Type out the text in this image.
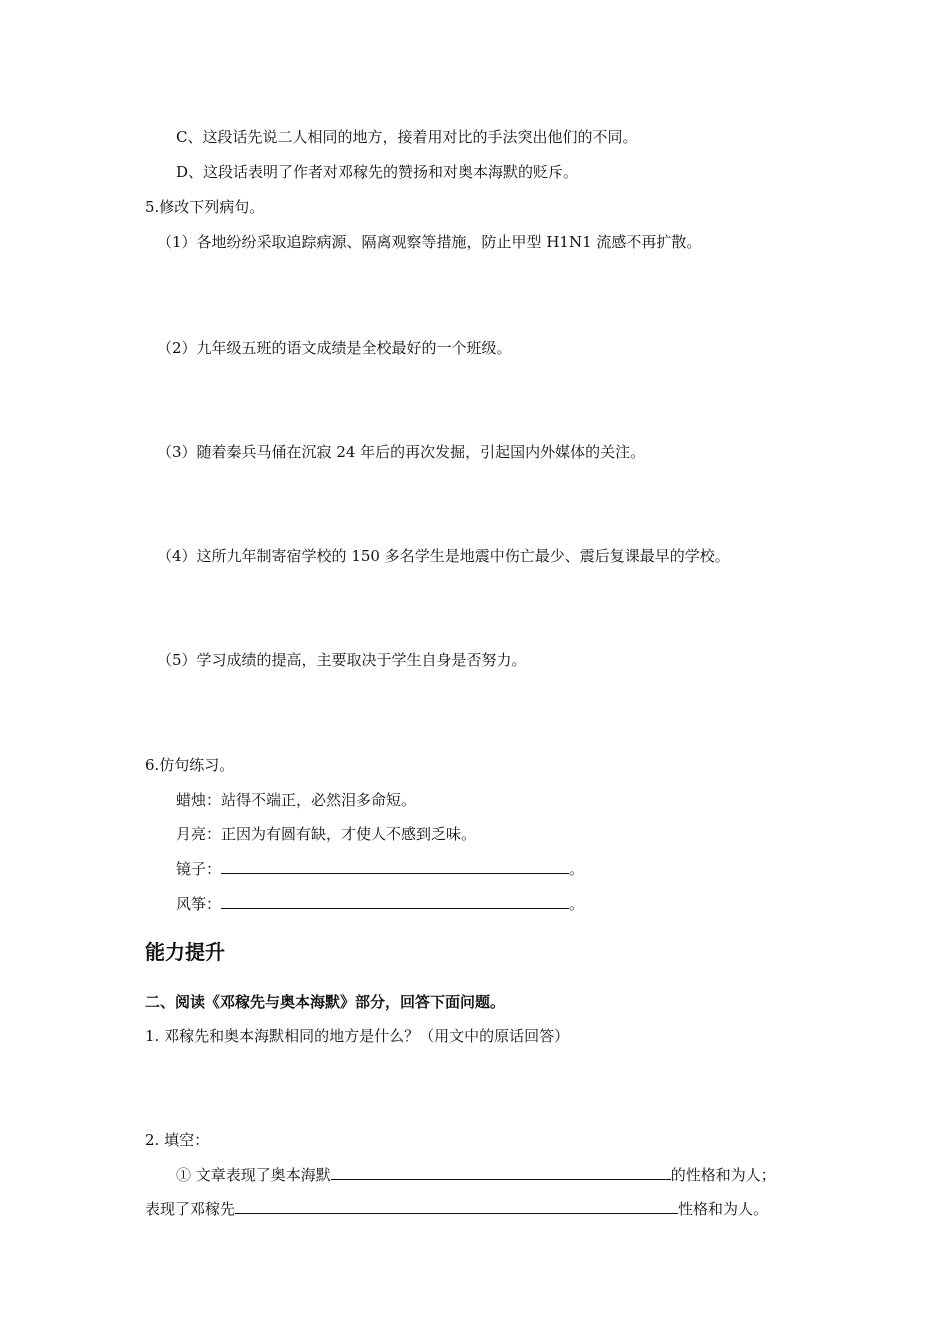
C、这段话先说二人相同的地方，接着用对比的手法突出他们的不同。
D、这段话表明了作者对邓稼先的赞扬和对奥本海默的贬斥。
5.修改下列病句。
（1）各地纷纷采取追踪病源、隔离观察等措施，防止甲型 H1N1 流感不再扩散。
（2）九年级五班的语文成绩是全校最好的一个班级。
（3）随着秦兵马俑在沉寂 24 年后的再次发掘，引起国内外媒体的关注。
（4）这所九年制寄宿学校的 150 多名学生是地震中伤亡最少、震后复课最早的学校。
（5）学习成绩的提高，主要取决于学生自身是否努力。
6.仿句练习。
蜡烛：站得不端正，必然泪多命短。
月亮：正因为有圆有缺，才使人不感到乏味。
镜子：	。
风筝：	。
能力提升
二、阅读《邓稼先与奥本海默》部分，回答下面问题。
1. 邓稼先和奥本海默相同的地方是什么？（用文中的原话回答）
2. 填空：
① 文章表现了奥本海默	的性格和为人；
表现了邓稼先	性格和为人。
